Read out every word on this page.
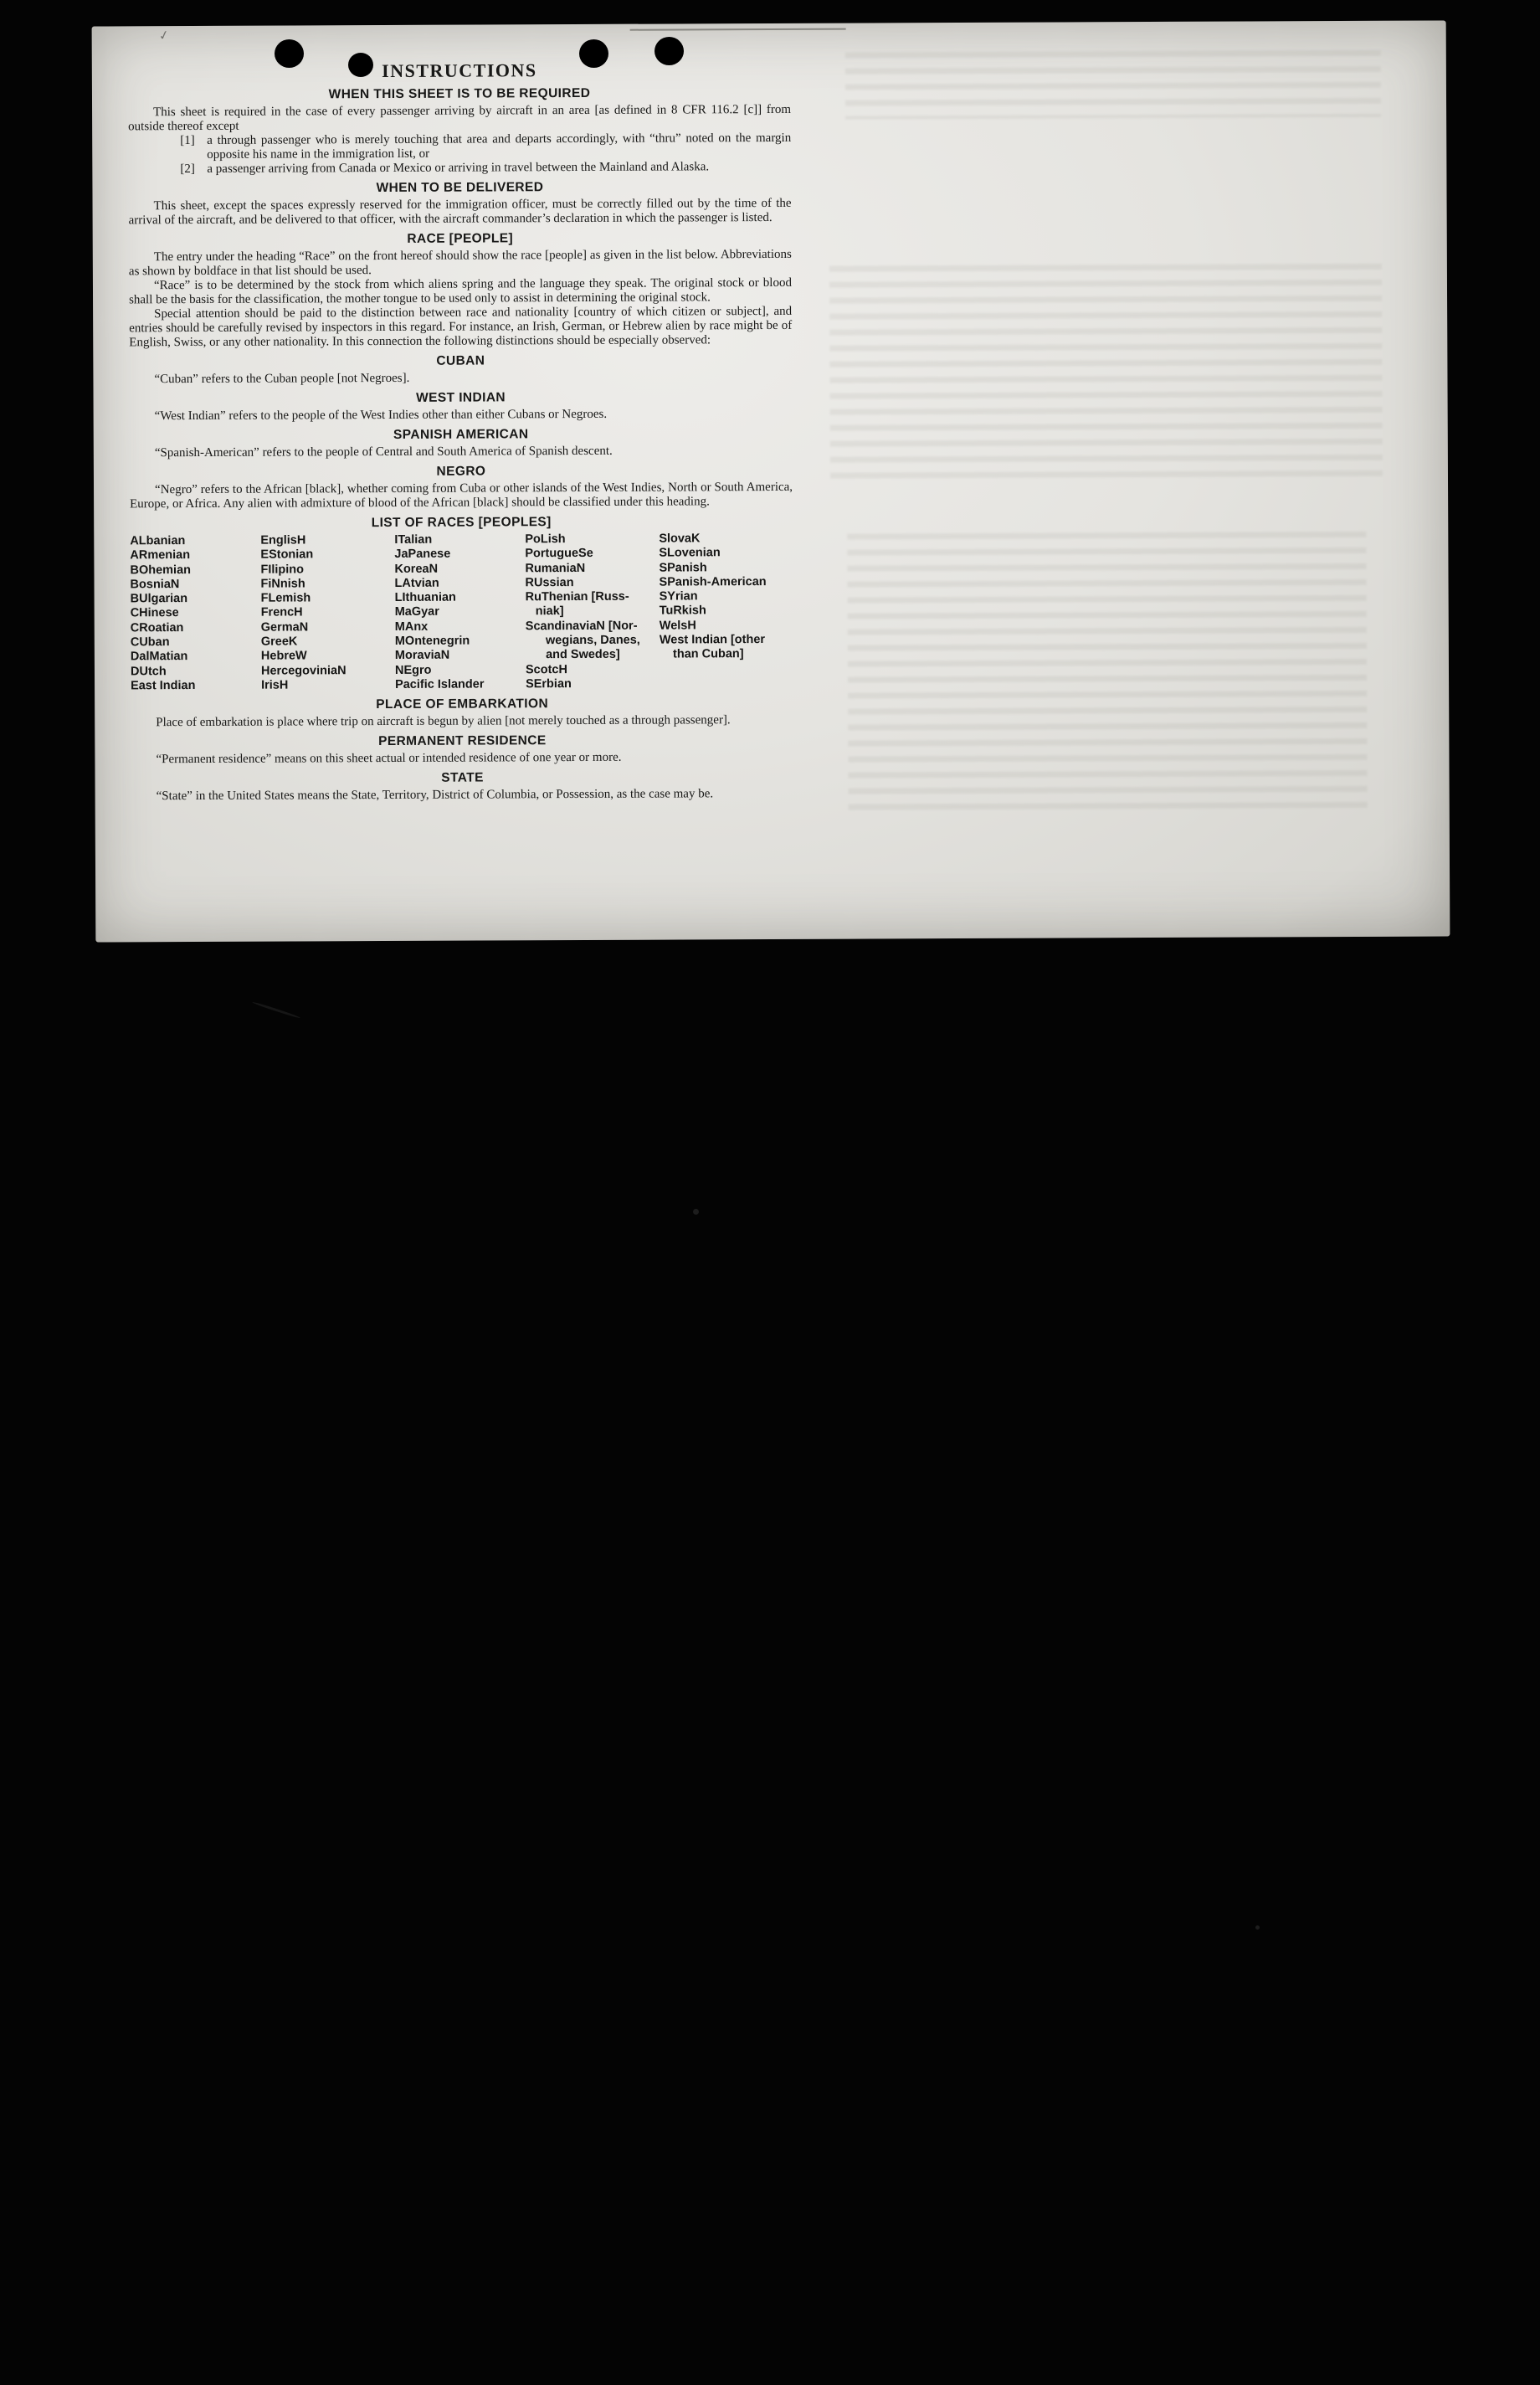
✓
INSTRUCTIONS
WHEN THIS SHEET IS TO BE REQUIRED

This sheet is required in the case of every passenger arriving by aircraft in an area [as defined in 8 CFR 116.2 [c]] from outside thereof except

[1] a through passenger who is merely touching that area and departs accordingly, with “thru” noted on the margin opposite his name in the immigration list, or
[2] a passenger arriving from Canada or Mexico or arriving in travel between the Mainland and Alaska.
WHEN TO BE DELIVERED

This sheet, except the spaces expressly reserved for the immigration officer, must be correctly filled out by the time of the arrival of the aircraft, and be delivered to that officer, with the aircraft commander’s declaration in which the passenger is listed.

RACE [PEOPLE]

The entry under the heading “Race” on the front hereof should show the race [people] as given in the list below. Abbreviations as shown by boldface in that list should be used.

“Race” is to be determined by the stock from which aliens spring and the language they speak. The original stock or blood shall be the basis for the classification, the mother tongue to be used only to assist in determining the original stock.

Special attention should be paid to the distinction between race and nationality [country of which citizen or subject], and entries should be carefully revised by inspectors in this regard. For instance, an Irish, German, or Hebrew alien by race might be of English, Swiss, or any other nationality. In this connection the following distinctions should be especially observed:

CUBAN

“Cuban” refers to the Cuban people [not Negroes].

WEST INDIAN

“West Indian” refers to the people of the West Indies other than either Cubans or Negroes.

SPANISH AMERICAN

“Spanish-American” refers to the people of Central and South America of Spanish descent.

NEGRO

“Negro” refers to the African [black], whether coming from Cuba or other islands of the West Indies, North or South America, Europe, or Africa. Any alien with admixture of blood of the African [black] should be classified under this heading.

LIST OF RACES [PEOPLES]
ALbanian
ARmenian
BOhemian
BosniaN
BUlgarian
CHinese
CRoatian
CUban
DalMatian
DUtch
East Indian
EnglisH
EStonian
FIlipino
FiNnish
FLemish
FrencH
GermaN
GreeK
HebreW
HercegoviniaN
IrisH
ITalian
JaPanese
KoreaN
LAtvian
LIthuanian
MaGyar
MAnx
MOntenegrin
MoraviaN
NEgro
Pacific Islander
PoLish
PortugueSe
RumaniaN
RUssian
RuThenian [Russ-
niak]
ScandinaviaN [Nor-
wegians, Danes,
and Swedes]
ScotcH
SErbian
SlovaK
SLovenian
SPanish
SPanish-American
SYrian
TuRkish
WelsH
West Indian [other
than Cuban]
PLACE OF EMBARKATION

Place of embarkation is place where trip on aircraft is begun by alien [not merely touched as a through passenger].

PERMANENT RESIDENCE

“Permanent residence” means on this sheet actual or intended residence of one year or more.

STATE

“State” in the United States means the State, Territory, District of Columbia, or Possession, as the case may be.
